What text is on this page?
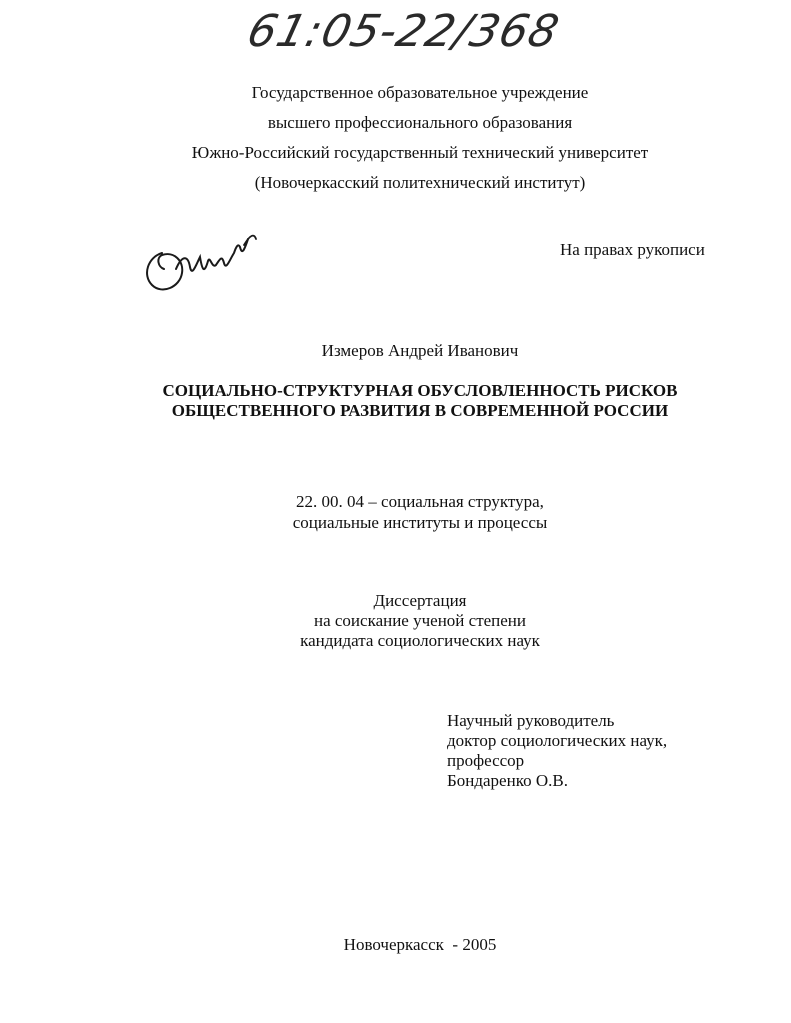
61:05-22/368
Государственное образовательное учреждение
высшего профессионального образования
Южно-Российский государственный технический университет
(Новочеркасский политехнический институт)
На правах рукописи
Измеров Андрей Иванович
СОЦИАЛЬНО-СТРУКТУРНАЯ ОБУСЛОВЛЕННОСТЬ РИСКОВ
ОБЩЕСТВЕННОГО РАЗВИТИЯ В СОВРЕМЕННОЙ РОССИИ
22. 00. 04 – социальная структура,
социальные институты и процессы
Диссертация
на соискание ученой степени
кандидата социологических наук
Научный руководитель
доктор социологических наук,
профессор
Бондаренко О.В.
Новочеркасск  - 2005
